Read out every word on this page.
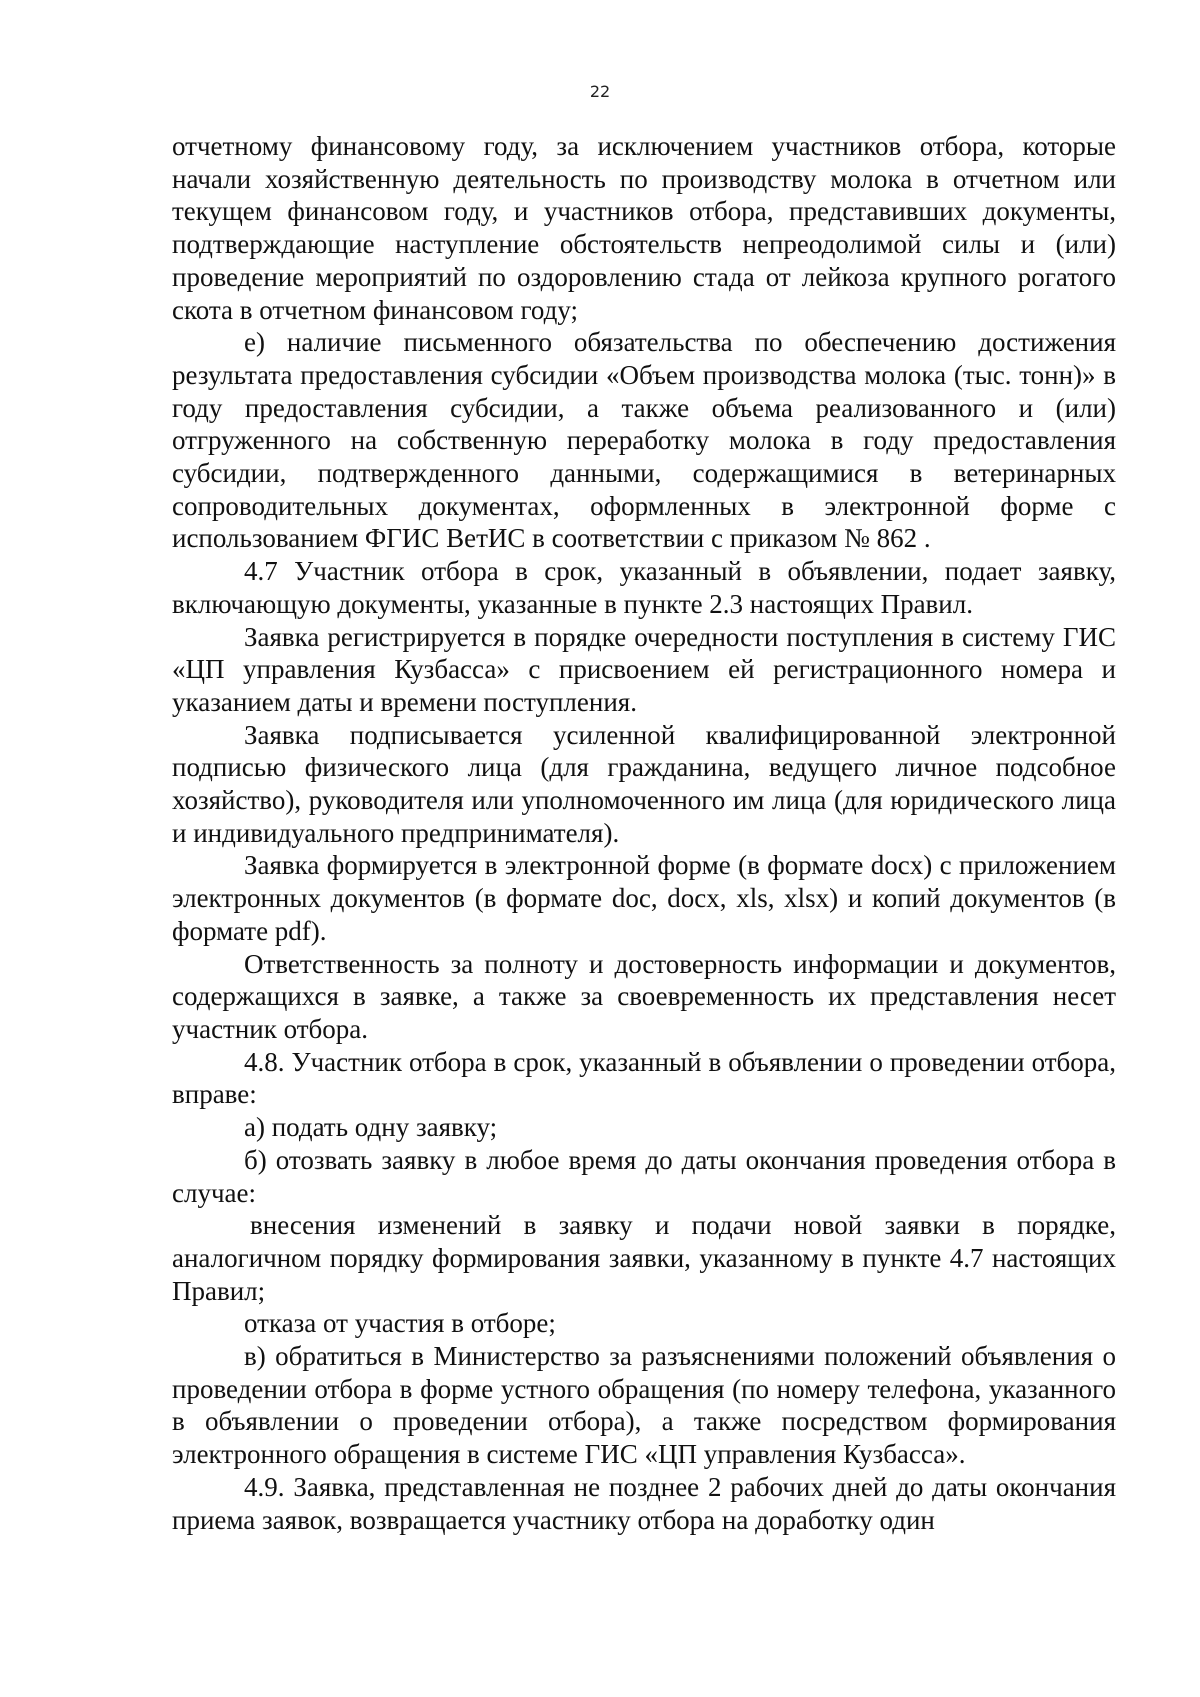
22

отчетному финансовому году, за исключением участников отбора, которые начали хозяйственную деятельность по производству молока в отчетном или текущем финансовом году, и участников отбора, представивших документы, подтверждающие наступление обстоятельств непреодолимой силы и (или) проведение мероприятий по оздоровлению стада от лейкоза крупного рогатого скота в отчетном финансовом году;

е) наличие письменного обязательства по обеспечению достижения результата предоставления субсидии «Объем производства молока (тыс. тонн)» в году предоставления субсидии, а также объема реализованного и (или) отгруженного на собственную переработку молока в году предоставления субсидии, подтвержденного данными, содержащимися в ветеринарных сопроводительных документах, оформленных в электронной форме с использованием ФГИС ВетИС в соответствии с приказом № 862 .

4.7 Участник отбора в срок, указанный в объявлении, подает заявку, включающую документы, указанные в пункте 2.3 настоящих Правил.

Заявка регистрируется в порядке очередности поступления в систему ГИС «ЦП управления Кузбасса» с присвоением ей регистрационного номера и указанием даты и времени поступления.

Заявка подписывается усиленной квалифицированной электронной подписью физического лица (для гражданина, ведущего личное подсобное хозяйство), руководителя или уполномоченного им лица (для юридического лица и индивидуального предпринимателя).

Заявка формируется в электронной форме (в формате docx) с приложением электронных документов (в формате doc, docx, xls, xlsx) и копий документов (в формате pdf).

Ответственность за полноту и достоверность информации и документов, содержащихся в заявке, а также за своевременность их представления несет участник отбора.

4.8. Участник отбора в срок, указанный в объявлении о проведении отбора, вправе:

а) подать одну заявку;

б) отозвать заявку в любое время до даты окончания проведения отбора в случае:

внесения изменений в заявку и подачи новой заявки в порядке, аналогичном порядку формирования заявки, указанному в пункте 4.7 настоящих Правил;

отказа от участия в отборе;

в) обратиться в Министерство за разъяснениями положений объявления о проведении отбора в форме устного обращения (по номеру телефона, указанного в объявлении о проведении отбора), а также посредством формирования электронного обращения в системе ГИС «ЦП управления Кузбасса».

4.9. Заявка, представленная не позднее 2 рабочих дней до даты окончания приема заявок, возвращается участнику отбора на доработку один
